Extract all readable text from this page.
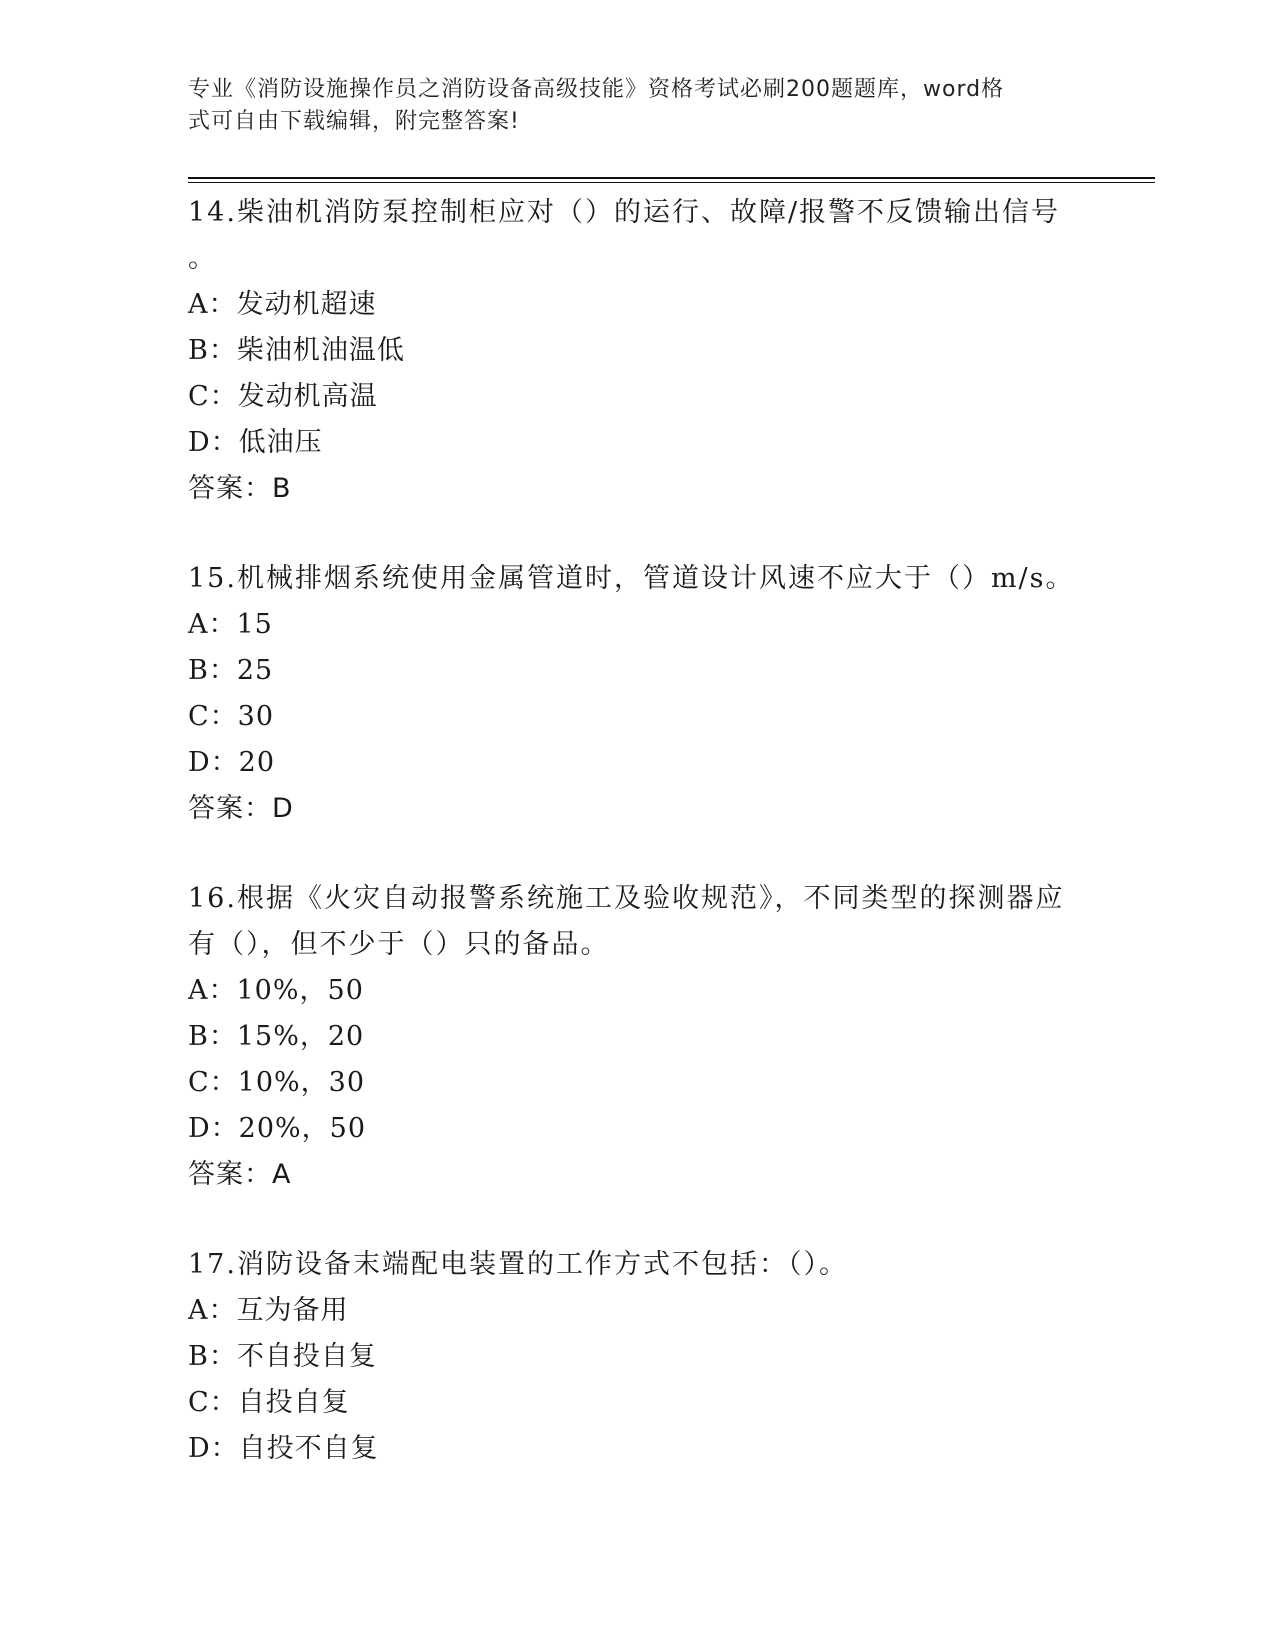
专业《消防设施操作员之消防设备高级技能》资格考试必刷200题题库，word格
式可自由下载编辑，附完整答案!

14.柴油机消防泵控制柜应对（）的运行、故障/报警不反馈输出信号

。

A：发动机超速

B：柴油机油温低

C：发动机高温

D：低油压

答案：B

15.机械排烟系统使用金属管道时，管道设计风速不应大于（）m/s。

A：15

B：25

C：30

D：20

答案：D

16.根据《火灾自动报警系统施工及验收规范》，不同类型的探测器应

有（），但不少于（）只的备品。

A：10%，50

B：15%，20

C：10%，30

D：20%，50

答案：A

17.消防设备末端配电装置的工作方式不包括：（）。

A：互为备用

B：不自投自复

C：自投自复

D：自投不自复
